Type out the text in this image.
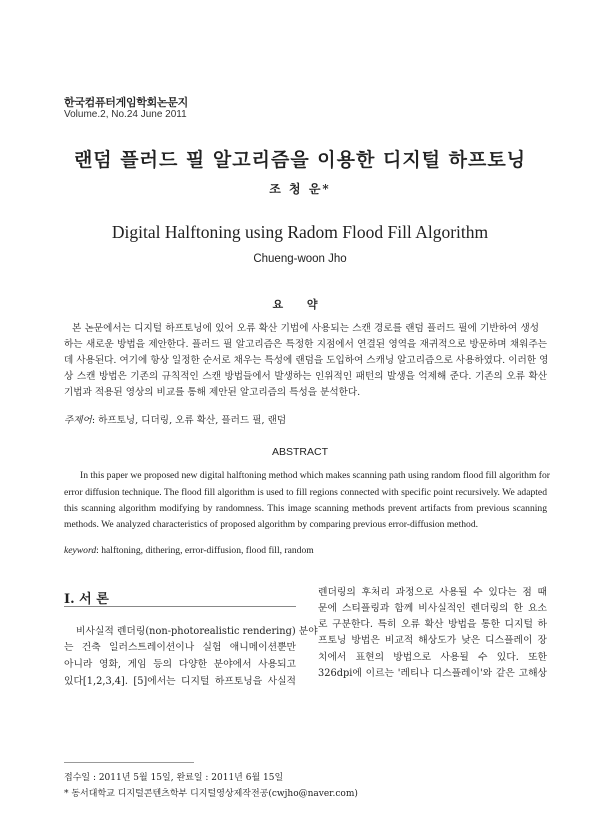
한국컴퓨터게임학회논문지
Volume.2, No.24 June 2011
랜덤 플러드 필 알고리즘을 이용한 디지털 하프토닝
조 청 운*
Digital Halftoning using Radom Flood Fill Algorithm
Chueng-woon Jho
요 약
본 논문에서는 디지털 하프토닝에 있어 오류 확산 기법에 사용되는 스캔 경로를 랜덤 플러드 필에 기반하여 생성
하는 새로운 방법을 제안한다. 플러드 필 알고리즘은 특정한 지점에서 연결된 영역을 재귀적으로 방문하며 채워주는
데 사용된다. 여기에 항상 일정한 순서로 채우는 특성에 랜덤을 도입하여 스캐닝 알고리즘으로 사용하였다. 이러한 영
상 스캔 방법은 기존의 규칙적인 스캔 방법들에서 발생하는 인위적인 패턴의 발생을 억제해 준다. 기존의 오류 확산
기법과 적용된 영상의 비교를 통해 제안된 알고리즘의 특성을 분석한다.
주제어: 하프토닝, 디더링, 오류 확산, 플러드 필, 랜덤
ABSTRACT
In this paper we proposed new digital halftoning method which makes scanning path using random flood fill algorithm for
error diffusion technique. The flood fill algorithm is used to fill regions connected with specific point recursively. We adapted
this scanning algorithm modifying by randomness. This image scanning methods prevent artifacts from previous scanning
methods. We analyzed characteristics of proposed algorithm by comparing previous error-diffusion method.
keyword: halftoning, dithering, error-diffusion, flood fill, random
Ⅰ. 서 론
비사실적 렌더링(non-photorealistic rendering) 분야
는 건축 일러스트레이션이나 실험 애니메이션뿐만
아니라 영화, 게임 등의 다양한 분야에서 사용되고
있다[1,2,3,4]. [5]에서는 디지털 하프토닝을 사실적
렌더링의 후처리 과정으로 사용될 수 있다는 점 때
문에 스티플링과 함께 비사실적인 렌더링의 한 요소
로 구분한다. 특히 오류 확산 방법을 통한 디지털 하
프토닝 방법은 비교적 해상도가 낮은 디스플레이 장
치에서 표현의 방법으로 사용될 수 있다. 또한
326dpi에 이르는 '레티나 디스플레이'와 같은 고해상
접수일 : 2011년 5월 15일, 완료일 : 2011년 6월 15일
* 동서대학교 디지털콘텐츠학부 디지털영상제작전공(cwjho@naver.com)
